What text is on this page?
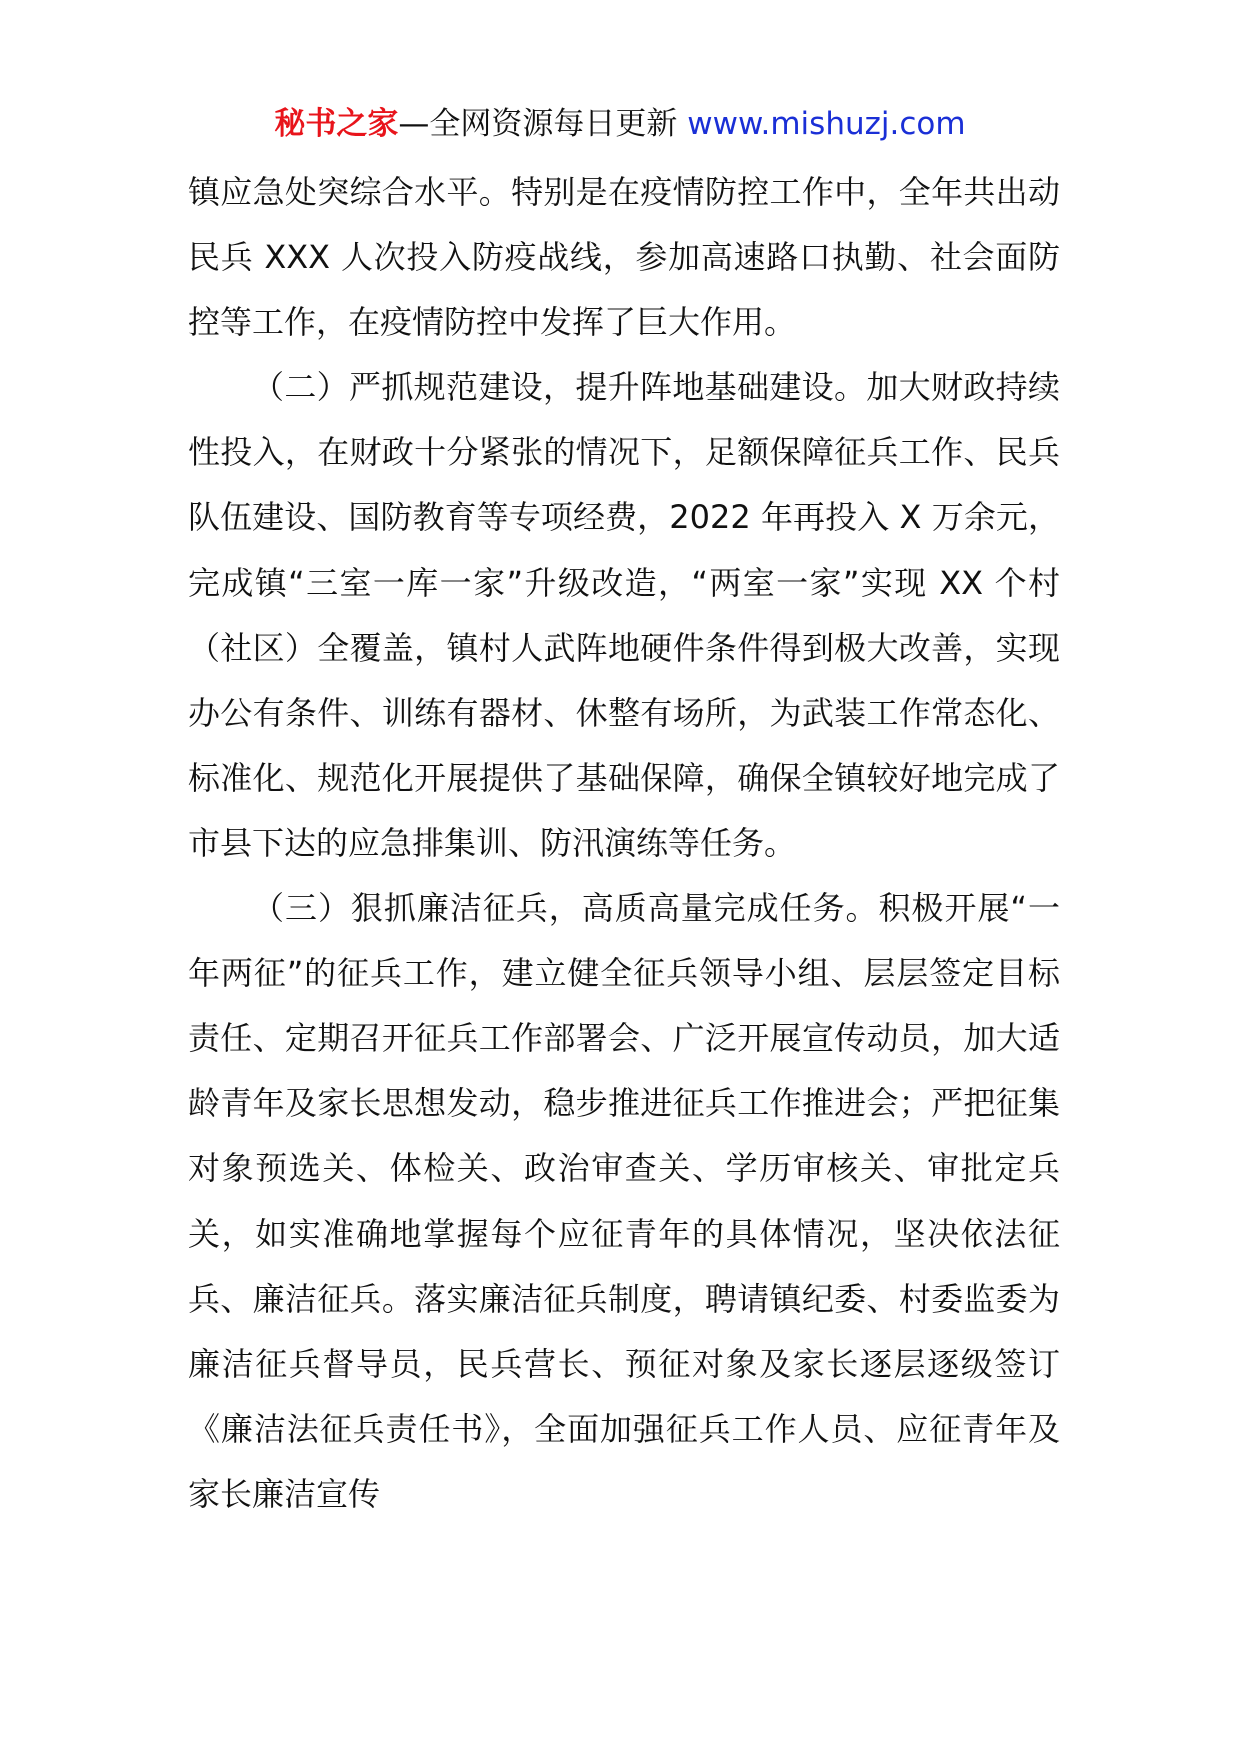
秘书之家—全网资源每日更新 www.mishuzj.com

镇应急处突综合水平。特别是在疫情防控工作中，全年共出动民兵 XXX 人次投入防疫战线，参加高速路口执勤、社会面防控等工作，在疫情防控中发挥了巨大作用。

（二）严抓规范建设，提升阵地基础建设。加大财政持续性投入，在财政十分紧张的情况下，足额保障征兵工作、民兵队伍建设、国防教育等专项经费，2022 年再投入 X 万余元，完成镇“三室一库一家”升级改造，“两室一家”实现 XX 个村（社区）全覆盖，镇村人武阵地硬件条件得到极大改善，实现办公有条件、训练有器材、休整有场所，为武装工作常态化、标准化、规范化开展提供了基础保障，确保全镇较好地完成了市县下达的应急排集训、防汛演练等任务。

（三）狠抓廉洁征兵，高质高量完成任务。积极开展“一年两征”的征兵工作，建立健全征兵领导小组、层层签定目标责任、定期召开征兵工作部署会、广泛开展宣传动员，加大适龄青年及家长思想发动，稳步推进征兵工作推进会；严把征集对象预选关、体检关、政治审查关、学历审核关、审批定兵关，如实准确地掌握每个应征青年的具体情况，坚决依法征兵、廉洁征兵。落实廉洁征兵制度，聘请镇纪委、村委监委为廉洁征兵督导员，民兵营长、预征对象及家长逐层逐级签订《廉洁法征兵责任书》，全面加强征兵工作人员、应征青年及家长廉洁宣传
